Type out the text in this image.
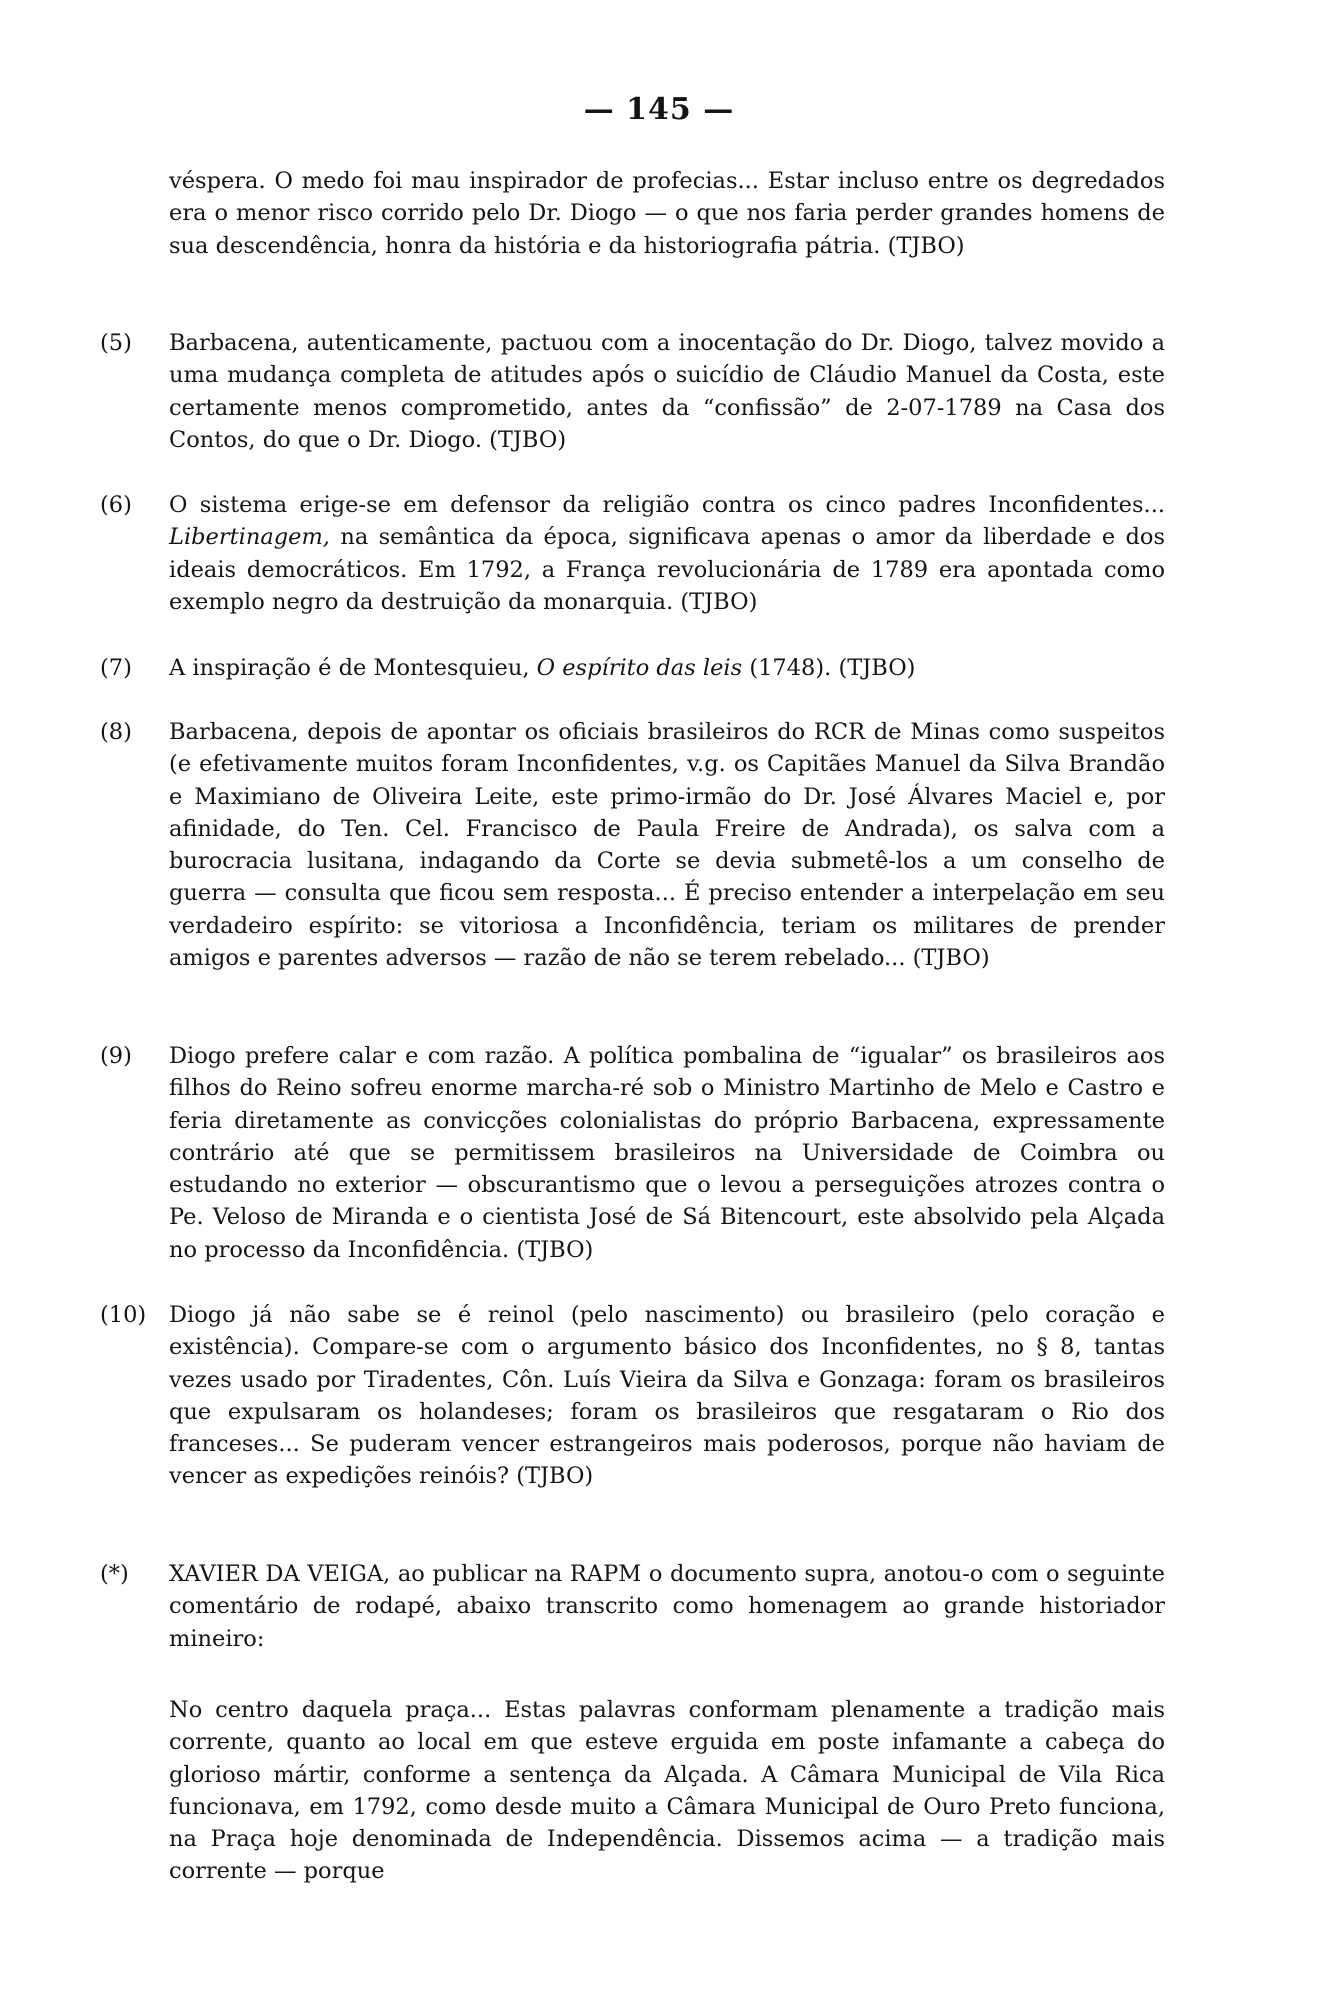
— 145 —
véspera. O medo foi mau inspirador de profecias... Estar incluso entre os degredados era o menor risco corrido pelo Dr. Diogo — o que nos faria perder grandes homens de sua descendência, honra da história e da historiografia pátria. (TJBO)
(5)	Barbacena, autenticamente, pactuou com a inocentação do Dr. Diogo, talvez movido a uma mudança completa de atitudes após o suicídio de Cláudio Manuel da Costa, este certamente menos comprometido, antes da “confissão” de 2-07-1789 na Casa dos Contos, do que o Dr. Diogo. (TJBO)
(6)	O sistema erige-se em defensor da religião contra os cinco padres Inconfidentes... Libertinagem, na semântica da época, significava apenas o amor da liberdade e dos ideais democráticos. Em 1792, a França revolucionária de 1789 era apontada como exemplo negro da destruição da monarquia. (TJBO)
(7)	A inspiração é de Montesquieu, O espírito das leis (1748). (TJBO)
(8)	Barbacena, depois de apontar os oficiais brasileiros do RCR de Minas como suspeitos (e efetivamente muitos foram Inconfidentes, v.g. os Capitães Manuel da Silva Brandão e Maximiano de Oliveira Leite, este primo-irmão do Dr. José Álvares Maciel e, por afinidade, do Ten. Cel. Francisco de Paula Freire de Andrada), os salva com a burocracia lusitana, indagando da Corte se devia submetê-los a um conselho de guerra — consulta que ficou sem resposta... É preciso entender a interpelação em seu verdadeiro espírito: se vitoriosa a Inconfidência, teriam os militares de prender amigos e parentes adversos — razão de não se terem rebelado... (TJBO)
(9)	Diogo prefere calar e com razão. A política pombalina de “igualar” os brasileiros aos filhos do Reino sofreu enorme marcha-ré sob o Ministro Martinho de Melo e Castro e feria diretamente as convicções colonialistas do próprio Barbacena, expressamente contrário até que se permitissem brasileiros na Universidade de Coimbra ou estudando no exterior — obscurantismo que o levou a perseguições atrozes contra o Pe. Veloso de Miranda e o cientista José de Sá Bitencourt, este absolvido pela Alçada no processo da Inconfidência. (TJBO)
(10)	Diogo já não sabe se é reinol (pelo nascimento) ou brasileiro (pelo coração e existência). Compare-se com o argumento básico dos Inconfidentes, no § 8, tantas vezes usado por Tiradentes, Côn. Luís Vieira da Silva e Gonzaga: foram os brasileiros que expulsaram os holandeses; foram os brasileiros que resgataram o Rio dos franceses... Se puderam vencer estrangeiros mais poderosos, porque não haviam de vencer as expedições reinóis? (TJBO)
(*)	XAVIER DA VEIGA, ao publicar na RAPM o documento supra, anotou-o com o seguinte comentário de rodapé, abaixo transcrito como homenagem ao grande historiador mineiro:
No centro daquela praça... Estas palavras conformam plenamente a tradição mais corrente, quanto ao local em que esteve erguida em poste infamante a cabeça do glorioso mártir, conforme a sentença da Alçada. A Câmara Municipal de Vila Rica funcionava, em 1792, como desde muito a Câmara Municipal de Ouro Preto funciona, na Praça hoje denominada de Independência. Dissemos acima — a tradição mais corrente — porque
